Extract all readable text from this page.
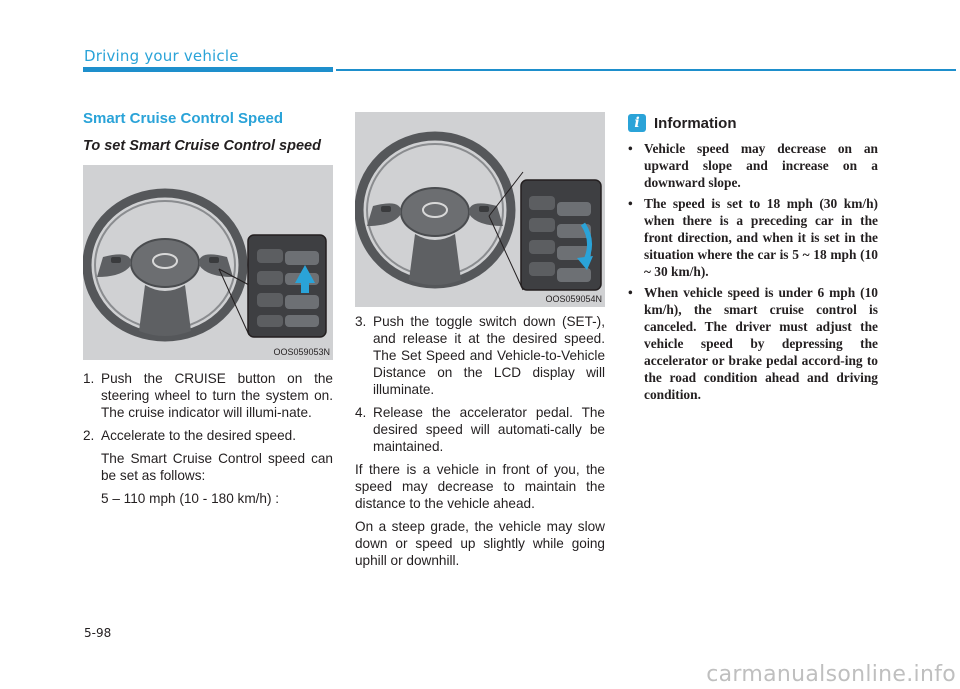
Driving your vehicle
Smart Cruise Control Speed
To set Smart Cruise Control speed
OOS059053N
1. Push the CRUISE button on the steering wheel to turn the system on. The cruise indicator will illumi-nate.
2. Accelerate to the desired speed.
The Smart Cruise Control speed can be set as follows:
5 – 110 mph (10 - 180 km/h) :
OOS059054N
3. Push the toggle switch down (SET-), and release it at the desired speed. The Set Speed and Vehicle-to-Vehicle Distance on the LCD display will illuminate.
4. Release the accelerator pedal. The desired speed will automati-cally be maintained.
If there is a vehicle in front of you, the speed may decrease to maintain the distance to the vehicle ahead.
On a steep grade, the vehicle may slow down or speed up slightly while going uphill or downhill.
i Information
• Vehicle speed may decrease on an upward slope and increase on a downward slope.
• The speed is set to 18 mph (30 km/h) when there is a preceding car in the front direction, and when it is set in the situation where the car is 5 ~ 18 mph (10 ~ 30 km/h).
• When vehicle speed is under 6 mph (10 km/h), the smart cruise control is canceled. The driver must adjust the vehicle speed by depressing the accelerator or brake pedal accord-ing to the road condition ahead and driving condition.
5-98
carmanualsonline.info
